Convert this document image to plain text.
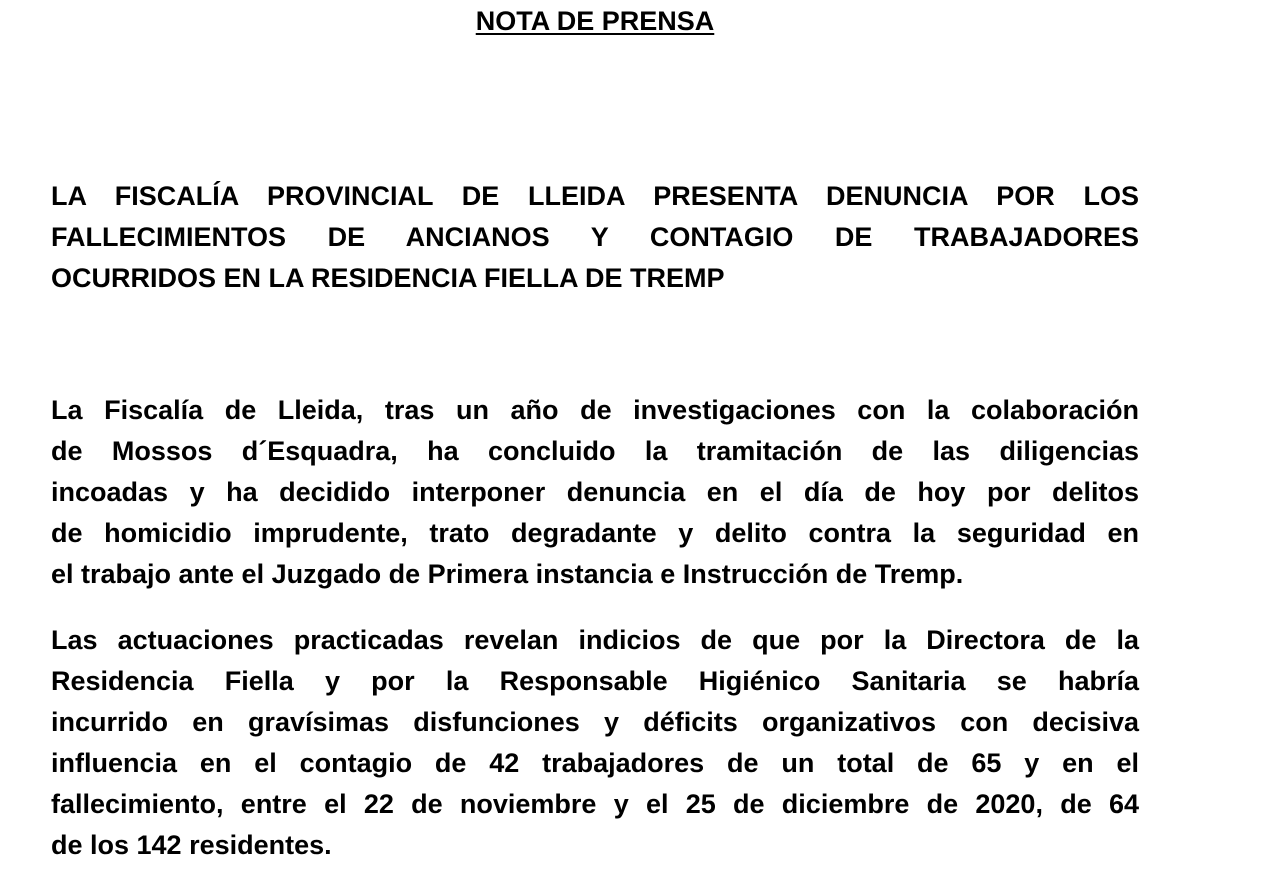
NOTA DE PRENSA
LA FISCALÍA PROVINCIAL DE LLEIDA PRESENTA DENUNCIA POR LOS
FALLECIMIENTOS DE ANCIANOS Y CONTAGIO DE TRABAJADORES
OCURRIDOS EN LA RESIDENCIA FIELLA DE TREMP
La Fiscalía de Lleida, tras un año de investigaciones con la colaboración
de Mossos d´Esquadra, ha concluido la tramitación de las diligencias
incoadas y ha decidido interponer denuncia en el día de hoy por delitos
de homicidio imprudente, trato degradante y delito contra la seguridad en
el trabajo ante el Juzgado de Primera instancia e Instrucción de Tremp.
Las actuaciones practicadas revelan indicios de que por la Directora de la
Residencia Fiella y por la Responsable Higiénico Sanitaria se habría
incurrido en gravísimas disfunciones y déficits organizativos con decisiva
influencia en el contagio de 42 trabajadores de un total de 65 y en el
fallecimiento, entre el 22 de noviembre y el 25 de diciembre de 2020, de 64
de los 142 residentes.
